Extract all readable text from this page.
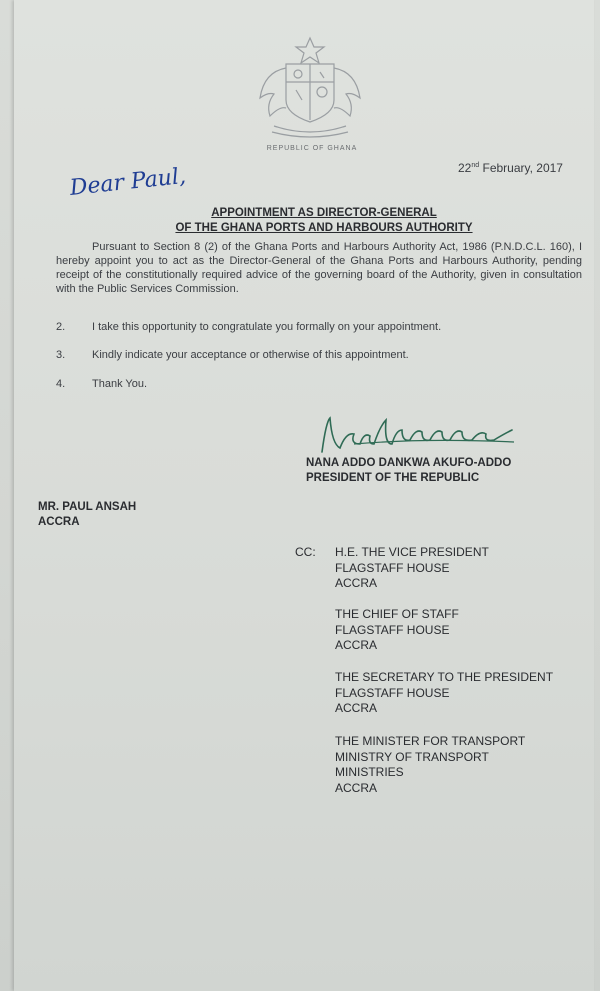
REPUBLIC OF GHANA
22nd February, 2017
Dear Paul,
APPOINTMENT AS DIRECTOR-GENERAL
OF THE GHANA PORTS AND HARBOURS AUTHORITY
Pursuant to Section 8 (2) of the Ghana Ports and Harbours Authority Act, 1986 (P.N.D.C.L. 160), I hereby appoint you to act as the Director-General of the Ghana Ports and Harbours Authority, pending receipt of the constitutionally required advice of the governing board of the Authority, given in consultation with the Public Services Commission.
2. I take this opportunity to congratulate you formally on your appointment.
3. Kindly indicate your acceptance or otherwise of this appointment.
4. Thank You.
NANA ADDO DANKWA AKUFO-ADDO
PRESIDENT OF THE REPUBLIC
MR. PAUL ANSAH
ACCRA
CC: H.E. THE VICE PRESIDENT
FLAGSTAFF HOUSE
ACCRA
THE CHIEF OF STAFF
FLAGSTAFF HOUSE
ACCRA
THE SECRETARY TO THE PRESIDENT
FLAGSTAFF HOUSE
ACCRA
THE MINISTER FOR TRANSPORT
MINISTRY OF TRANSPORT
MINISTRIES
ACCRA
